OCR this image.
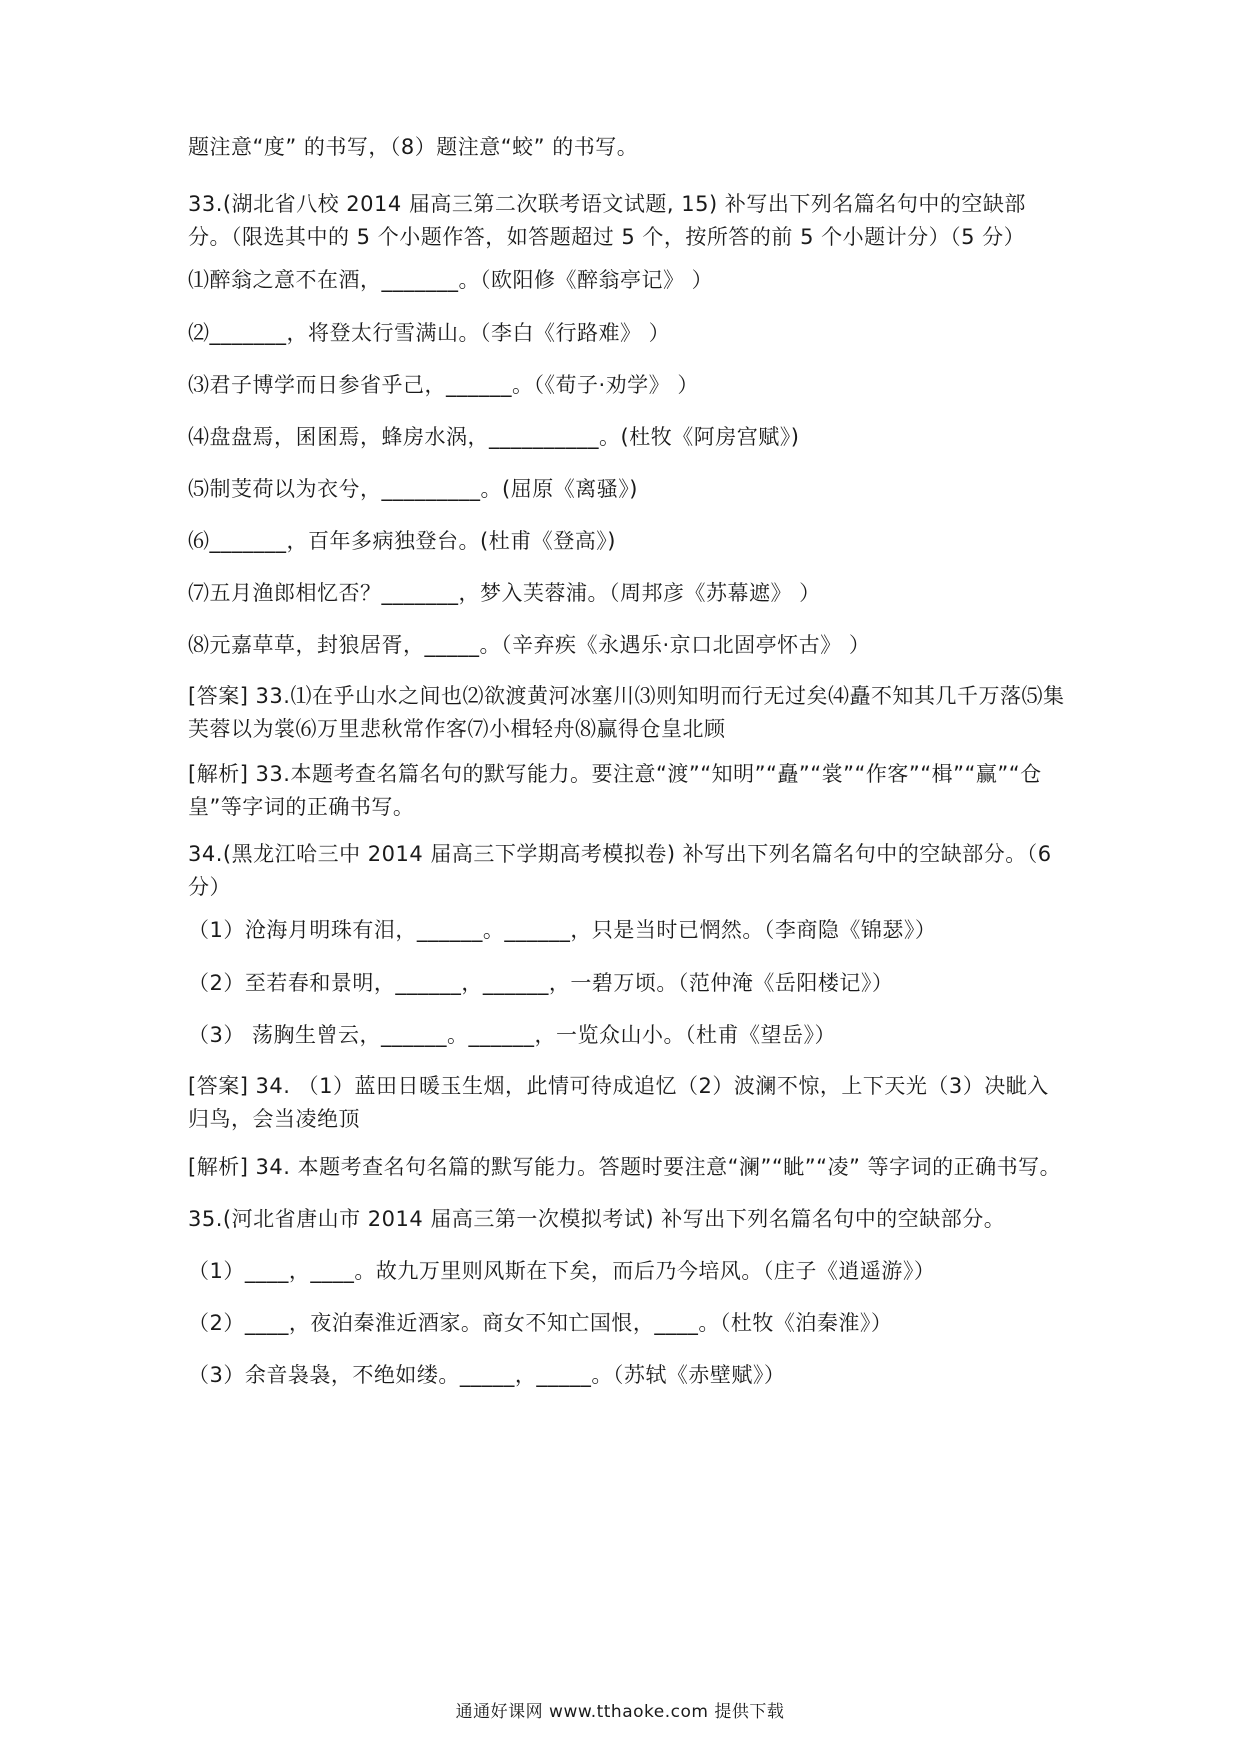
题注意“度” 的书写，（8）题注意“蛟” 的书写。
33.(湖北省八校 2014 届高三第二次联考语文试题, 15) 补写出下列名篇名句中的空缺部分。（限选其中的 5 个小题作答，如答题超过 5 个，按所答的前 5 个小题计分）（5 分）
⑴醉翁之意不在酒，_______。（欧阳修《醉翁亭记》 ）
⑵_______，将登太行雪满山。（李白《行路难》 ）
⑶君子博学而日参省乎己，______。（《荀子·劝学》 ）
⑷盘盘焉，囷囷焉，蜂房水涡，__________。(杜牧《阿房宫赋》)
⑸制芰荷以为衣兮，_________。(屈原《离骚》)
⑹_______，百年多病独登台。(杜甫《登高》)
⑺五月渔郎相忆否？_______，梦入芙蓉浦。（周邦彦《苏幕遮》 ）
⑻元嘉草草，封狼居胥，_____。（辛弃疾《永遇乐·京口北固亭怀古》 ）
[答案] 33.⑴在乎山水之间也⑵欲渡黄河冰塞川⑶则知明而行无过矣⑷矗不知其几千万落⑸集芙蓉以为裳⑹万里悲秋常作客⑺小楫轻舟⑻赢得仓皇北顾
[解析] 33.本题考查名篇名句的默写能力。要注意“渡”“知明”“矗”“裳”“作客”“楫”“赢”“仓皇”等字词的正确书写。
34.(黑龙江哈三中 2014 届高三下学期高考模拟卷) 补写出下列名篇名句中的空缺部分。（6 分）
（1）沧海月明珠有泪，______。______，只是当时已惘然。（李商隐《锦瑟》）
（2）至若春和景明，______，______，一碧万顷。（范仲淹《岳阳楼记》）
（3） 荡胸生曾云，______。______，一览众山小。（杜甫《望岳》）
[答案] 34. （1）蓝田日暖玉生烟，此情可待成追忆（2）波澜不惊，上下天光（3）决眦入归鸟，会当凌绝顶
[解析] 34. 本题考查名句名篇的默写能力。答题时要注意“澜”“眦”“凌” 等字词的正确书写。
35.(河北省唐山市 2014 届高三第一次模拟考试) 补写出下列名篇名句中的空缺部分。
（1）____，____。故九万里则风斯在下矣，而后乃今培风。（庄子《逍遥游》）
（2）____，夜泊秦淮近酒家。商女不知亡国恨，____。（杜牧《泊秦淮》）
（3）余音袅袅，不绝如缕。_____，_____。（苏轼《赤壁赋》）
通通好课网 www.tthaoke.com 提供下载
